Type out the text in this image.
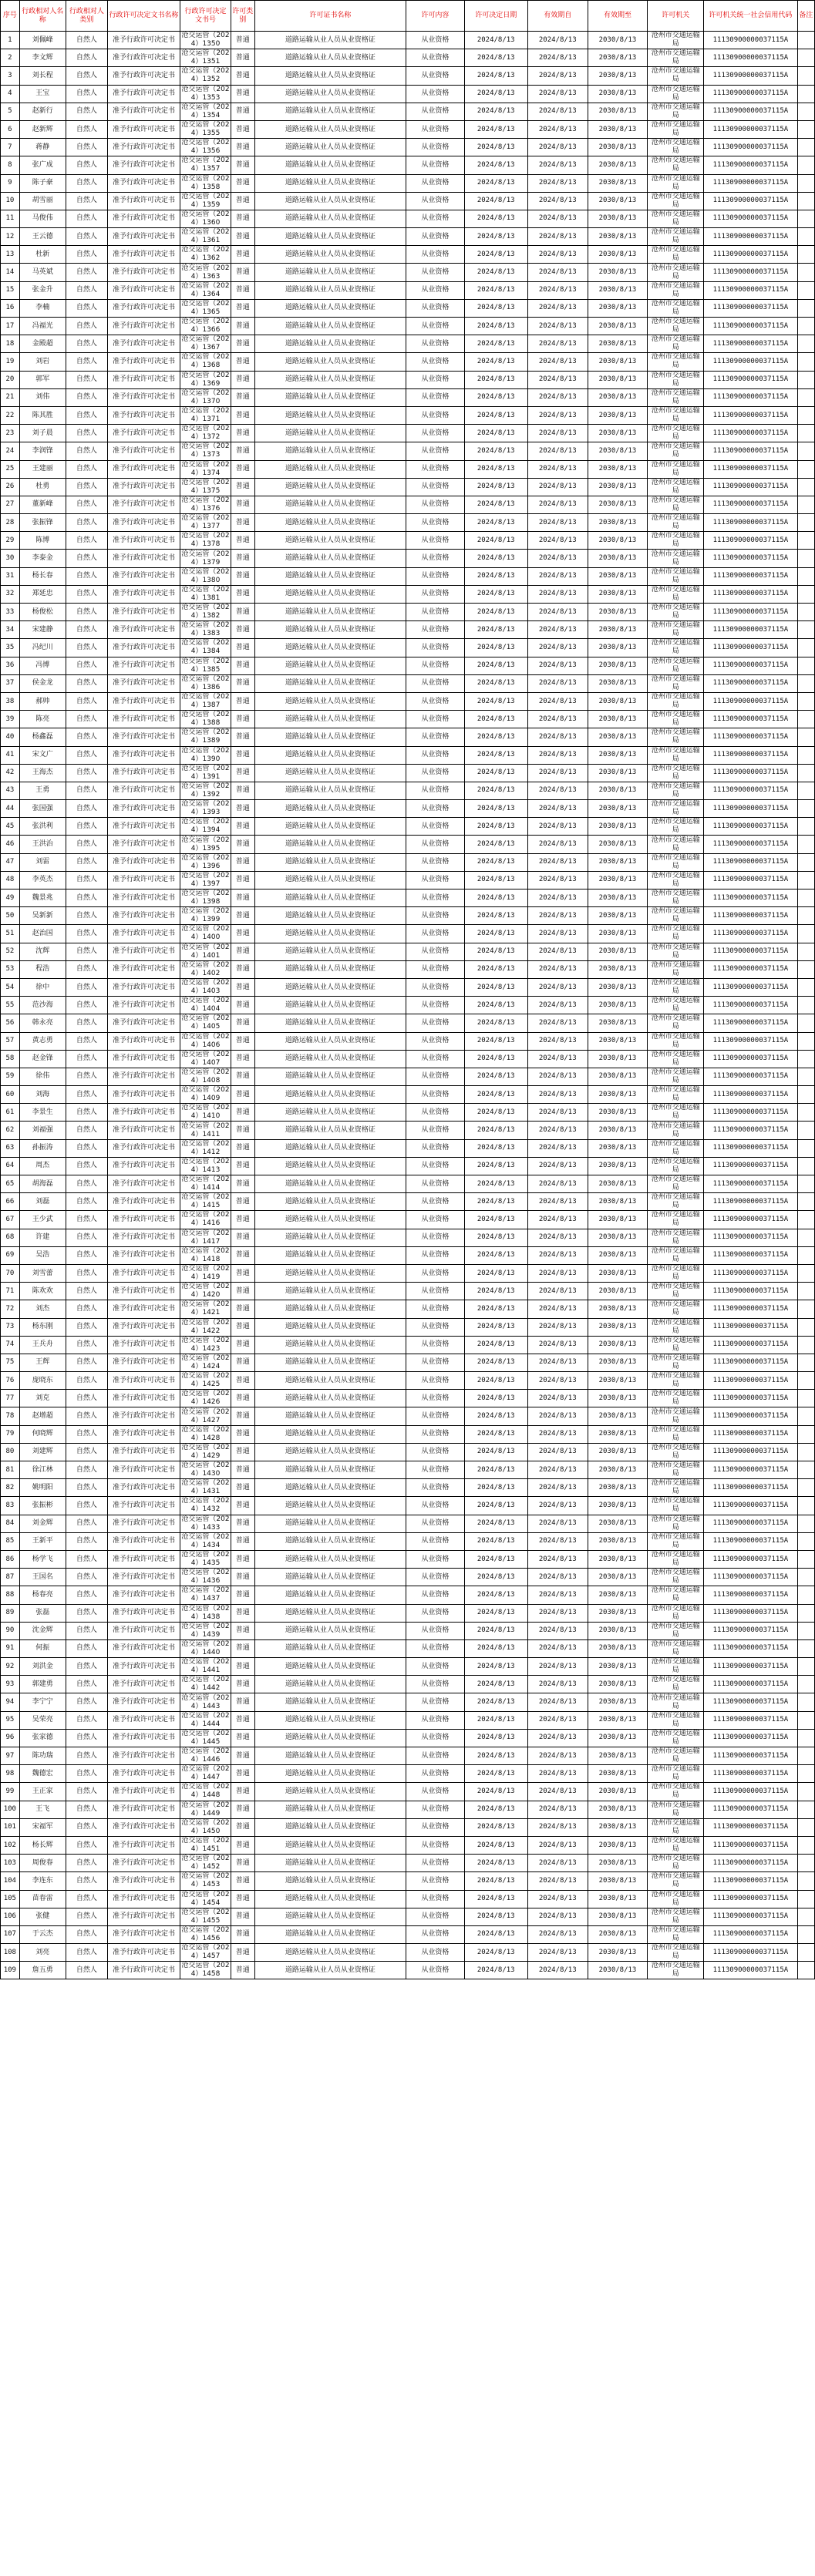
序号	行政相对人名称	行政相对人类别	行政许可决定文书名称	行政许可决定文书号	许可类别	许可证书名称	许可内容	许可决定日期	有效期自	有效期至	许可机关	许可机关统一社会信用代码	备注
1	刘佩峰	自然人	准予行政许可决定书	沧交运管（2024）1350	普通	道路运输从业人员从业资格证	从业资格	2024/8/13	2024/8/13	2030/8/13	沧州市交通运输局	11130900000037115A	
2	李文辉	自然人	准予行政许可决定书	沧交运管（2024）1351	普通	道路运输从业人员从业资格证	从业资格	2024/8/13	2024/8/13	2030/8/13	沧州市交通运输局	11130900000037115A	
3	刘长程	自然人	准予行政许可决定书	沧交运管（2024）1352	普通	道路运输从业人员从业资格证	从业资格	2024/8/13	2024/8/13	2030/8/13	沧州市交通运输局	11130900000037115A	
4	王宝	自然人	准予行政许可决定书	沧交运管（2024）1353	普通	道路运输从业人员从业资格证	从业资格	2024/8/13	2024/8/13	2030/8/13	沧州市交通运输局	11130900000037115A	
5	赵新行	自然人	准予行政许可决定书	沧交运管（2024）1354	普通	道路运输从业人员从业资格证	从业资格	2024/8/13	2024/8/13	2030/8/13	沧州市交通运输局	11130900000037115A	
6	赵新辉	自然人	准予行政许可决定书	沧交运管（2024）1355	普通	道路运输从业人员从业资格证	从业资格	2024/8/13	2024/8/13	2030/8/13	沧州市交通运输局	11130900000037115A	
7	蒋静	自然人	准予行政许可决定书	沧交运管（2024）1356	普通	道路运输从业人员从业资格证	从业资格	2024/8/13	2024/8/13	2030/8/13	沧州市交通运输局	11130900000037115A	
8	张广成	自然人	准予行政许可决定书	沧交运管（2024）1357	普通	道路运输从业人员从业资格证	从业资格	2024/8/13	2024/8/13	2030/8/13	沧州市交通运输局	11130900000037115A	
9	陈子豪	自然人	准予行政许可决定书	沧交运管（2024）1358	普通	道路运输从业人员从业资格证	从业资格	2024/8/13	2024/8/13	2030/8/13	沧州市交通运输局	11130900000037115A	
10	胡雪丽	自然人	准予行政许可决定书	沧交运管（2024）1359	普通	道路运输从业人员从业资格证	从业资格	2024/8/13	2024/8/13	2030/8/13	沧州市交通运输局	11130900000037115A	
11	马俊伟	自然人	准予行政许可决定书	沧交运管（2024）1360	普通	道路运输从业人员从业资格证	从业资格	2024/8/13	2024/8/13	2030/8/13	沧州市交通运输局	11130900000037115A	
12	王云德	自然人	准予行政许可决定书	沧交运管（2024）1361	普通	道路运输从业人员从业资格证	从业资格	2024/8/13	2024/8/13	2030/8/13	沧州市交通运输局	11130900000037115A	
13	杜新	自然人	准予行政许可决定书	沧交运管（2024）1362	普通	道路运输从业人员从业资格证	从业资格	2024/8/13	2024/8/13	2030/8/13	沧州市交通运输局	11130900000037115A	
14	马英斌	自然人	准予行政许可决定书	沧交运管（2024）1363	普通	道路运输从业人员从业资格证	从业资格	2024/8/13	2024/8/13	2030/8/13	沧州市交通运输局	11130900000037115A	
15	张金升	自然人	准予行政许可决定书	沧交运管（2024）1364	普通	道路运输从业人员从业资格证	从业资格	2024/8/13	2024/8/13	2030/8/13	沧州市交通运输局	11130900000037115A	
16	李楠	自然人	准予行政许可决定书	沧交运管（2024）1365	普通	道路运输从业人员从业资格证	从业资格	2024/8/13	2024/8/13	2030/8/13	沧州市交通运输局	11130900000037115A	
17	冯福光	自然人	准予行政许可决定书	沧交运管（2024）1366	普通	道路运输从业人员从业资格证	从业资格	2024/8/13	2024/8/13	2030/8/13	沧州市交通运输局	11130900000037115A	
18	金殿超	自然人	准予行政许可决定书	沧交运管（2024）1367	普通	道路运输从业人员从业资格证	从业资格	2024/8/13	2024/8/13	2030/8/13	沧州市交通运输局	11130900000037115A	
19	刘岩	自然人	准予行政许可决定书	沧交运管（2024）1368	普通	道路运输从业人员从业资格证	从业资格	2024/8/13	2024/8/13	2030/8/13	沧州市交通运输局	11130900000037115A	
20	郭军	自然人	准予行政许可决定书	沧交运管（2024）1369	普通	道路运输从业人员从业资格证	从业资格	2024/8/13	2024/8/13	2030/8/13	沧州市交通运输局	11130900000037115A	
21	刘伟	自然人	准予行政许可决定书	沧交运管（2024）1370	普通	道路运输从业人员从业资格证	从业资格	2024/8/13	2024/8/13	2030/8/13	沧州市交通运输局	11130900000037115A	
22	陈其胜	自然人	准予行政许可决定书	沧交运管（2024）1371	普通	道路运输从业人员从业资格证	从业资格	2024/8/13	2024/8/13	2030/8/13	沧州市交通运输局	11130900000037115A	
23	刘子晨	自然人	准予行政许可决定书	沧交运管（2024）1372	普通	道路运输从业人员从业资格证	从业资格	2024/8/13	2024/8/13	2030/8/13	沧州市交通运输局	11130900000037115A	
24	李润锋	自然人	准予行政许可决定书	沧交运管（2024）1373	普通	道路运输从业人员从业资格证	从业资格	2024/8/13	2024/8/13	2030/8/13	沧州市交通运输局	11130900000037115A	
25	王建丽	自然人	准予行政许可决定书	沧交运管（2024）1374	普通	道路运输从业人员从业资格证	从业资格	2024/8/13	2024/8/13	2030/8/13	沧州市交通运输局	11130900000037115A	
26	杜勇	自然人	准予行政许可决定书	沧交运管（2024）1375	普通	道路运输从业人员从业资格证	从业资格	2024/8/13	2024/8/13	2030/8/13	沧州市交通运输局	11130900000037115A	
27	董新峰	自然人	准予行政许可决定书	沧交运管（2024）1376	普通	道路运输从业人员从业资格证	从业资格	2024/8/13	2024/8/13	2030/8/13	沧州市交通运输局	11130900000037115A	
28	张振锋	自然人	准予行政许可决定书	沧交运管（2024）1377	普通	道路运输从业人员从业资格证	从业资格	2024/8/13	2024/8/13	2030/8/13	沧州市交通运输局	11130900000037115A	
29	陈博	自然人	准予行政许可决定书	沧交运管（2024）1378	普通	道路运输从业人员从业资格证	从业资格	2024/8/13	2024/8/13	2030/8/13	沧州市交通运输局	11130900000037115A	
30	李泰金	自然人	准予行政许可决定书	沧交运管（2024）1379	普通	道路运输从业人员从业资格证	从业资格	2024/8/13	2024/8/13	2030/8/13	沧州市交通运输局	11130900000037115A	
31	杨长春	自然人	准予行政许可决定书	沧交运管（2024）1380	普通	道路运输从业人员从业资格证	从业资格	2024/8/13	2024/8/13	2030/8/13	沧州市交通运输局	11130900000037115A	
32	郑延忠	自然人	准予行政许可决定书	沧交运管（2024）1381	普通	道路运输从业人员从业资格证	从业资格	2024/8/13	2024/8/13	2030/8/13	沧州市交通运输局	11130900000037115A	
33	杨俊松	自然人	准予行政许可决定书	沧交运管（2024）1382	普通	道路运输从业人员从业资格证	从业资格	2024/8/13	2024/8/13	2030/8/13	沧州市交通运输局	11130900000037115A	
34	宋建静	自然人	准予行政许可决定书	沧交运管（2024）1383	普通	道路运输从业人员从业资格证	从业资格	2024/8/13	2024/8/13	2030/8/13	沧州市交通运输局	11130900000037115A	
35	冯纪川	自然人	准予行政许可决定书	沧交运管（2024）1384	普通	道路运输从业人员从业资格证	从业资格	2024/8/13	2024/8/13	2030/8/13	沧州市交通运输局	11130900000037115A	
36	冯博	自然人	准予行政许可决定书	沧交运管（2024）1385	普通	道路运输从业人员从业资格证	从业资格	2024/8/13	2024/8/13	2030/8/13	沧州市交通运输局	11130900000037115A	
37	侯金龙	自然人	准予行政许可决定书	沧交运管（2024）1386	普通	道路运输从业人员从业资格证	从业资格	2024/8/13	2024/8/13	2030/8/13	沧州市交通运输局	11130900000037115A	
38	郝帅	自然人	准予行政许可决定书	沧交运管（2024）1387	普通	道路运输从业人员从业资格证	从业资格	2024/8/13	2024/8/13	2030/8/13	沧州市交通运输局	11130900000037115A	
39	陈亮	自然人	准予行政许可决定书	沧交运管（2024）1388	普通	道路运输从业人员从业资格证	从业资格	2024/8/13	2024/8/13	2030/8/13	沧州市交通运输局	11130900000037115A	
40	杨鑫磊	自然人	准予行政许可决定书	沧交运管（2024）1389	普通	道路运输从业人员从业资格证	从业资格	2024/8/13	2024/8/13	2030/8/13	沧州市交通运输局	11130900000037115A	
41	宋文广	自然人	准予行政许可决定书	沧交运管（2024）1390	普通	道路运输从业人员从业资格证	从业资格	2024/8/13	2024/8/13	2030/8/13	沧州市交通运输局	11130900000037115A	
42	王海杰	自然人	准予行政许可决定书	沧交运管（2024）1391	普通	道路运输从业人员从业资格证	从业资格	2024/8/13	2024/8/13	2030/8/13	沧州市交通运输局	11130900000037115A	
43	王勇	自然人	准予行政许可决定书	沧交运管（2024）1392	普通	道路运输从业人员从业资格证	从业资格	2024/8/13	2024/8/13	2030/8/13	沧州市交通运输局	11130900000037115A	
44	张国强	自然人	准予行政许可决定书	沧交运管（2024）1393	普通	道路运输从业人员从业资格证	从业资格	2024/8/13	2024/8/13	2030/8/13	沧州市交通运输局	11130900000037115A	
45	张洪利	自然人	准予行政许可决定书	沧交运管（2024）1394	普通	道路运输从业人员从业资格证	从业资格	2024/8/13	2024/8/13	2030/8/13	沧州市交通运输局	11130900000037115A	
46	王洪治	自然人	准予行政许可决定书	沧交运管（2024）1395	普通	道路运输从业人员从业资格证	从业资格	2024/8/13	2024/8/13	2030/8/13	沧州市交通运输局	11130900000037115A	
47	刘雷	自然人	准予行政许可决定书	沧交运管（2024）1396	普通	道路运输从业人员从业资格证	从业资格	2024/8/13	2024/8/13	2030/8/13	沧州市交通运输局	11130900000037115A	
48	李英杰	自然人	准予行政许可决定书	沧交运管（2024）1397	普通	道路运输从业人员从业资格证	从业资格	2024/8/13	2024/8/13	2030/8/13	沧州市交通运输局	11130900000037115A	
49	魏景兆	自然人	准予行政许可决定书	沧交运管（2024）1398	普通	道路运输从业人员从业资格证	从业资格	2024/8/13	2024/8/13	2030/8/13	沧州市交通运输局	11130900000037115A	
50	吴新新	自然人	准予行政许可决定书	沧交运管（2024）1399	普通	道路运输从业人员从业资格证	从业资格	2024/8/13	2024/8/13	2030/8/13	沧州市交通运输局	11130900000037115A	
51	赵治国	自然人	准予行政许可决定书	沧交运管（2024）1400	普通	道路运输从业人员从业资格证	从业资格	2024/8/13	2024/8/13	2030/8/13	沧州市交通运输局	11130900000037115A	
52	沈辉	自然人	准予行政许可决定书	沧交运管（2024）1401	普通	道路运输从业人员从业资格证	从业资格	2024/8/13	2024/8/13	2030/8/13	沧州市交通运输局	11130900000037115A	
53	程浩	自然人	准予行政许可决定书	沧交运管（2024）1402	普通	道路运输从业人员从业资格证	从业资格	2024/8/13	2024/8/13	2030/8/13	沧州市交通运输局	11130900000037115A	
54	徐中	自然人	准予行政许可决定书	沧交运管（2024）1403	普通	道路运输从业人员从业资格证	从业资格	2024/8/13	2024/8/13	2030/8/13	沧州市交通运输局	11130900000037115A	
55	范沙海	自然人	准予行政许可决定书	沧交运管（2024）1404	普通	道路运输从业人员从业资格证	从业资格	2024/8/13	2024/8/13	2030/8/13	沧州市交通运输局	11130900000037115A	
56	韩永亮	自然人	准予行政许可决定书	沧交运管（2024）1405	普通	道路运输从业人员从业资格证	从业资格	2024/8/13	2024/8/13	2030/8/13	沧州市交通运输局	11130900000037115A	
57	黄志勇	自然人	准予行政许可决定书	沧交运管（2024）1406	普通	道路运输从业人员从业资格证	从业资格	2024/8/13	2024/8/13	2030/8/13	沧州市交通运输局	11130900000037115A	
58	赵金锋	自然人	准予行政许可决定书	沧交运管（2024）1407	普通	道路运输从业人员从业资格证	从业资格	2024/8/13	2024/8/13	2030/8/13	沧州市交通运输局	11130900000037115A	
59	徐伟	自然人	准予行政许可决定书	沧交运管（2024）1408	普通	道路运输从业人员从业资格证	从业资格	2024/8/13	2024/8/13	2030/8/13	沧州市交通运输局	11130900000037115A	
60	刘海	自然人	准予行政许可决定书	沧交运管（2024）1409	普通	道路运输从业人员从业资格证	从业资格	2024/8/13	2024/8/13	2030/8/13	沧州市交通运输局	11130900000037115A	
61	李景生	自然人	准予行政许可决定书	沧交运管（2024）1410	普通	道路运输从业人员从业资格证	从业资格	2024/8/13	2024/8/13	2030/8/13	沧州市交通运输局	11130900000037115A	
62	刘福强	自然人	准予行政许可决定书	沧交运管（2024）1411	普通	道路运输从业人员从业资格证	从业资格	2024/8/13	2024/8/13	2030/8/13	沧州市交通运输局	11130900000037115A	
63	孙振涛	自然人	准予行政许可决定书	沧交运管（2024）1412	普通	道路运输从业人员从业资格证	从业资格	2024/8/13	2024/8/13	2030/8/13	沧州市交通运输局	11130900000037115A	
64	周杰	自然人	准予行政许可决定书	沧交运管（2024）1413	普通	道路运输从业人员从业资格证	从业资格	2024/8/13	2024/8/13	2030/8/13	沧州市交通运输局	11130900000037115A	
65	胡海磊	自然人	准予行政许可决定书	沧交运管（2024）1414	普通	道路运输从业人员从业资格证	从业资格	2024/8/13	2024/8/13	2030/8/13	沧州市交通运输局	11130900000037115A	
66	刘磊	自然人	准予行政许可决定书	沧交运管（2024）1415	普通	道路运输从业人员从业资格证	从业资格	2024/8/13	2024/8/13	2030/8/13	沧州市交通运输局	11130900000037115A	
67	王少武	自然人	准予行政许可决定书	沧交运管（2024）1416	普通	道路运输从业人员从业资格证	从业资格	2024/8/13	2024/8/13	2030/8/13	沧州市交通运输局	11130900000037115A	
68	许建	自然人	准予行政许可决定书	沧交运管（2024）1417	普通	道路运输从业人员从业资格证	从业资格	2024/8/13	2024/8/13	2030/8/13	沧州市交通运输局	11130900000037115A	
69	吴浩	自然人	准予行政许可决定书	沧交运管（2024）1418	普通	道路运输从业人员从业资格证	从业资格	2024/8/13	2024/8/13	2030/8/13	沧州市交通运输局	11130900000037115A	
70	刘雪蕾	自然人	准予行政许可决定书	沧交运管（2024）1419	普通	道路运输从业人员从业资格证	从业资格	2024/8/13	2024/8/13	2030/8/13	沧州市交通运输局	11130900000037115A	
71	陈欢欢	自然人	准予行政许可决定书	沧交运管（2024）1420	普通	道路运输从业人员从业资格证	从业资格	2024/8/13	2024/8/13	2030/8/13	沧州市交通运输局	11130900000037115A	
72	刘杰	自然人	准予行政许可决定书	沧交运管（2024）1421	普通	道路运输从业人员从业资格证	从业资格	2024/8/13	2024/8/13	2030/8/13	沧州市交通运输局	11130900000037115A	
73	杨东刚	自然人	准予行政许可决定书	沧交运管（2024）1422	普通	道路运输从业人员从业资格证	从业资格	2024/8/13	2024/8/13	2030/8/13	沧州市交通运输局	11130900000037115A	
74	王兵舟	自然人	准予行政许可决定书	沧交运管（2024）1423	普通	道路运输从业人员从业资格证	从业资格	2024/8/13	2024/8/13	2030/8/13	沧州市交通运输局	11130900000037115A	
75	王辉	自然人	准予行政许可决定书	沧交运管（2024）1424	普通	道路运输从业人员从业资格证	从业资格	2024/8/13	2024/8/13	2030/8/13	沧州市交通运输局	11130900000037115A	
76	庞晓东	自然人	准予行政许可决定书	沧交运管（2024）1425	普通	道路运输从业人员从业资格证	从业资格	2024/8/13	2024/8/13	2030/8/13	沧州市交通运输局	11130900000037115A	
77	刘克	自然人	准予行政许可决定书	沧交运管（2024）1426	普通	道路运输从业人员从业资格证	从业资格	2024/8/13	2024/8/13	2030/8/13	沧州市交通运输局	11130900000037115A	
78	赵增超	自然人	准予行政许可决定书	沧交运管（2024）1427	普通	道路运输从业人员从业资格证	从业资格	2024/8/13	2024/8/13	2030/8/13	沧州市交通运输局	11130900000037115A	
79	何晓辉	自然人	准予行政许可决定书	沧交运管（2024）1428	普通	道路运输从业人员从业资格证	从业资格	2024/8/13	2024/8/13	2030/8/13	沧州市交通运输局	11130900000037115A	
80	刘建辉	自然人	准予行政许可决定书	沧交运管（2024）1429	普通	道路运输从业人员从业资格证	从业资格	2024/8/13	2024/8/13	2030/8/13	沧州市交通运输局	11130900000037115A	
81	徐江林	自然人	准予行政许可决定书	沧交运管（2024）1430	普通	道路运输从业人员从业资格证	从业资格	2024/8/13	2024/8/13	2030/8/13	沧州市交通运输局	11130900000037115A	
82	姚明阳	自然人	准予行政许可决定书	沧交运管（2024）1431	普通	道路运输从业人员从业资格证	从业资格	2024/8/13	2024/8/13	2030/8/13	沧州市交通运输局	11130900000037115A	
83	张振彬	自然人	准予行政许可决定书	沧交运管（2024）1432	普通	道路运输从业人员从业资格证	从业资格	2024/8/13	2024/8/13	2030/8/13	沧州市交通运输局	11130900000037115A	
84	刘金辉	自然人	准予行政许可决定书	沧交运管（2024）1433	普通	道路运输从业人员从业资格证	从业资格	2024/8/13	2024/8/13	2030/8/13	沧州市交通运输局	11130900000037115A	
85	王新平	自然人	准予行政许可决定书	沧交运管（2024）1434	普通	道路运输从业人员从业资格证	从业资格	2024/8/13	2024/8/13	2030/8/13	沧州市交通运输局	11130900000037115A	
86	杨学飞	自然人	准予行政许可决定书	沧交运管（2024）1435	普通	道路运输从业人员从业资格证	从业资格	2024/8/13	2024/8/13	2030/8/13	沧州市交通运输局	11130900000037115A	
87	王国名	自然人	准予行政许可决定书	沧交运管（2024）1436	普通	道路运输从业人员从业资格证	从业资格	2024/8/13	2024/8/13	2030/8/13	沧州市交通运输局	11130900000037115A	
88	杨春亮	自然人	准予行政许可决定书	沧交运管（2024）1437	普通	道路运输从业人员从业资格证	从业资格	2024/8/13	2024/8/13	2030/8/13	沧州市交通运输局	11130900000037115A	
89	张磊	自然人	准予行政许可决定书	沧交运管（2024）1438	普通	道路运输从业人员从业资格证	从业资格	2024/8/13	2024/8/13	2030/8/13	沧州市交通运输局	11130900000037115A	
90	沈金辉	自然人	准予行政许可决定书	沧交运管（2024）1439	普通	道路运输从业人员从业资格证	从业资格	2024/8/13	2024/8/13	2030/8/13	沧州市交通运输局	11130900000037115A	
91	何振	自然人	准予行政许可决定书	沧交运管（2024）1440	普通	道路运输从业人员从业资格证	从业资格	2024/8/13	2024/8/13	2030/8/13	沧州市交通运输局	11130900000037115A	
92	刘洪金	自然人	准予行政许可决定书	沧交运管（2024）1441	普通	道路运输从业人员从业资格证	从业资格	2024/8/13	2024/8/13	2030/8/13	沧州市交通运输局	11130900000037115A	
93	郭建勇	自然人	准予行政许可决定书	沧交运管（2024）1442	普通	道路运输从业人员从业资格证	从业资格	2024/8/13	2024/8/13	2030/8/13	沧州市交通运输局	11130900000037115A	
94	李宁宁	自然人	准予行政许可决定书	沧交运管（2024）1443	普通	道路运输从业人员从业资格证	从业资格	2024/8/13	2024/8/13	2030/8/13	沧州市交通运输局	11130900000037115A	
95	吴荣亮	自然人	准予行政许可决定书	沧交运管（2024）1444	普通	道路运输从业人员从业资格证	从业资格	2024/8/13	2024/8/13	2030/8/13	沧州市交通运输局	11130900000037115A	
96	张家德	自然人	准予行政许可决定书	沧交运管（2024）1445	普通	道路运输从业人员从业资格证	从业资格	2024/8/13	2024/8/13	2030/8/13	沧州市交通运输局	11130900000037115A	
97	陈功瑞	自然人	准予行政许可决定书	沧交运管（2024）1446	普通	道路运输从业人员从业资格证	从业资格	2024/8/13	2024/8/13	2030/8/13	沧州市交通运输局	11130900000037115A	
98	魏德宏	自然人	准予行政许可决定书	沧交运管（2024）1447	普通	道路运输从业人员从业资格证	从业资格	2024/8/13	2024/8/13	2030/8/13	沧州市交通运输局	11130900000037115A	
99	王正家	自然人	准予行政许可决定书	沧交运管（2024）1448	普通	道路运输从业人员从业资格证	从业资格	2024/8/13	2024/8/13	2030/8/13	沧州市交通运输局	11130900000037115A	
100	王飞	自然人	准予行政许可决定书	沧交运管（2024）1449	普通	道路运输从业人员从业资格证	从业资格	2024/8/13	2024/8/13	2030/8/13	沧州市交通运输局	11130900000037115A	
101	宋福军	自然人	准予行政许可决定书	沧交运管（2024）1450	普通	道路运输从业人员从业资格证	从业资格	2024/8/13	2024/8/13	2030/8/13	沧州市交通运输局	11130900000037115A	
102	杨长辉	自然人	准予行政许可决定书	沧交运管（2024）1451	普通	道路运输从业人员从业资格证	从业资格	2024/8/13	2024/8/13	2030/8/13	沧州市交通运输局	11130900000037115A	
103	周俊春	自然人	准予行政许可决定书	沧交运管（2024）1452	普通	道路运输从业人员从业资格证	从业资格	2024/8/13	2024/8/13	2030/8/13	沧州市交通运输局	11130900000037115A	
104	李连东	自然人	准予行政许可决定书	沧交运管（2024）1453	普通	道路运输从业人员从业资格证	从业资格	2024/8/13	2024/8/13	2030/8/13	沧州市交通运输局	11130900000037115A	
105	苗春雷	自然人	准予行政许可决定书	沧交运管（2024）1454	普通	道路运输从业人员从业资格证	从业资格	2024/8/13	2024/8/13	2030/8/13	沧州市交通运输局	11130900000037115A	
106	张健	自然人	准予行政许可决定书	沧交运管（2024）1455	普通	道路运输从业人员从业资格证	从业资格	2024/8/13	2024/8/13	2030/8/13	沧州市交通运输局	11130900000037115A	
107	于云杰	自然人	准予行政许可决定书	沧交运管（2024）1456	普通	道路运输从业人员从业资格证	从业资格	2024/8/13	2024/8/13	2030/8/13	沧州市交通运输局	11130900000037115A	
108	刘亮	自然人	准予行政许可决定书	沧交运管（2024）1457	普通	道路运输从业人员从业资格证	从业资格	2024/8/13	2024/8/13	2030/8/13	沧州市交通运输局	11130900000037115A	
109	詹五勇	自然人	准予行政许可决定书	沧交运管（2024）1458	普通	道路运输从业人员从业资格证	从业资格	2024/8/13	2024/8/13	2030/8/13	沧州市交通运输局	11130900000037115A	
